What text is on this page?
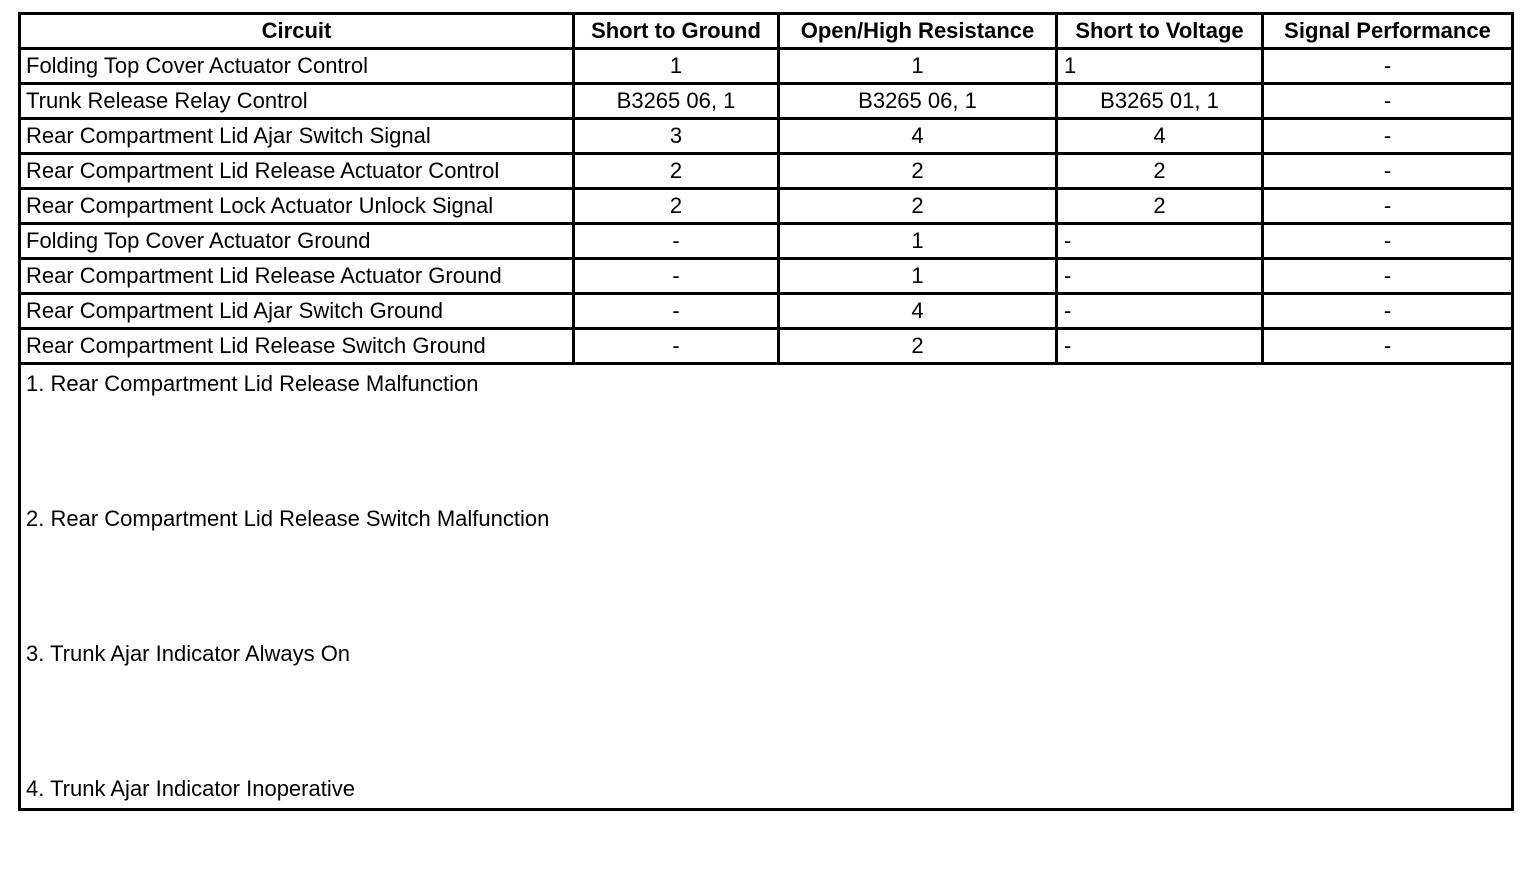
Circuit	Short to Ground	Open/High Resistance	Short to Voltage	Signal Performance
Folding Top Cover Actuator Control	1	1	1	-
Trunk Release Relay Control	B3265 06, 1	B3265 06, 1	B3265 01, 1	-
Rear Compartment Lid Ajar Switch Signal	3	4	4	-
Rear Compartment Lid Release Actuator Control	2	2	2	-
Rear Compartment Lock Actuator Unlock Signal	2	2	2	-
Folding Top Cover Actuator Ground	-	1	-	-
Rear Compartment Lid Release Actuator Ground	-	1	-	-
Rear Compartment Lid Ajar Switch Ground	-	4	-	-
Rear Compartment Lid Release Switch Ground	-	2	-	-

1. Rear Compartment Lid Release Malfunction
2. Rear Compartment Lid Release Switch Malfunction
3. Trunk Ajar Indicator Always On
4. Trunk Ajar Indicator Inoperative				
